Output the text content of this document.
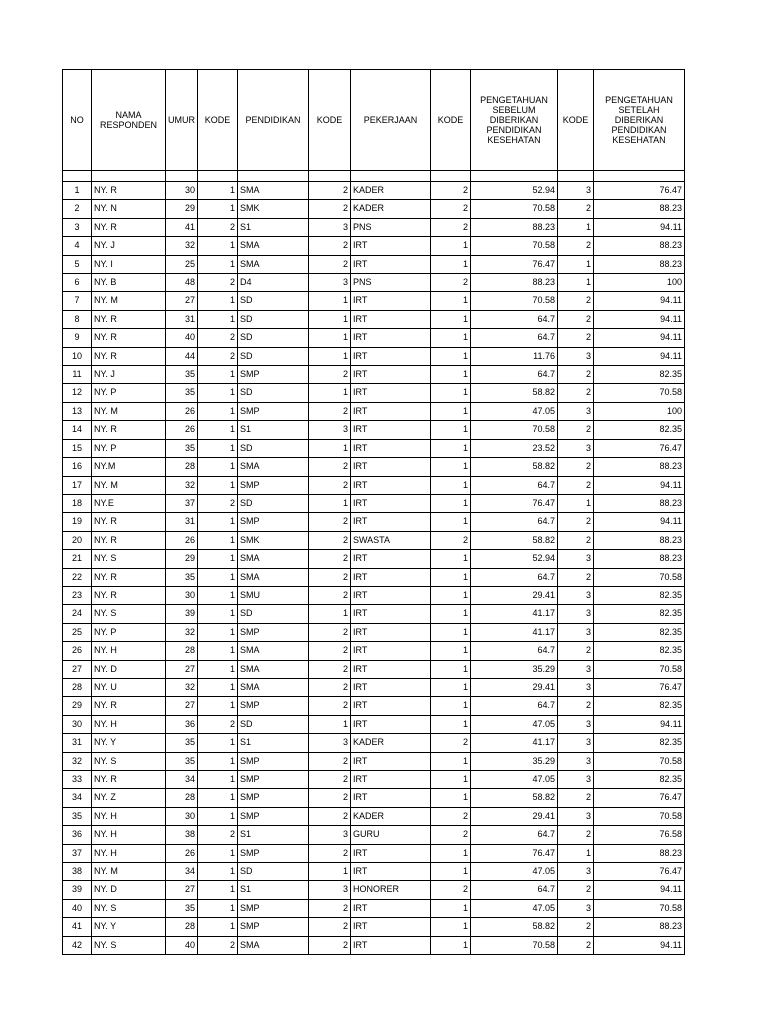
NO	NAMA RESPONDEN	UMUR	KODE	PENDIDIKAN	KODE	PEKERJAAN	KODE	PENGETAHUAN SEBELUM DIBERIKAN PENDIDIKAN KESEHATAN	KODE	PENGETAHUAN SETELAH DIBERIKAN PENDIDIKAN KESEHATAN

1	NY. R	30	1	SMA	2	KADER	2	52.94	3	76.47
2	NY. N	29	1	SMK	2	KADER	2	70.58	2	88.23
3	NY. R	41	2	S1	3	PNS	2	88.23	1	94.11
4	NY. J	32	1	SMA	2	IRT	1	70.58	2	88.23
5	NY. I	25	1	SMA	2	IRT	1	76.47	1	88.23
6	NY. B	48	2	D4	3	PNS	2	88.23	1	100
7	NY. M	27	1	SD	1	IRT	1	70.58	2	94.11
8	NY. R	31	1	SD	1	IRT	1	64.7	2	94.11
9	NY. R	40	2	SD	1	IRT	1	64.7	2	94.11
10	NY. R	44	2	SD	1	IRT	1	11.76	3	94.11
11	NY. J	35	1	SMP	2	IRT	1	64.7	2	82.35
12	NY. P	35	1	SD	1	IRT	1	58.82	2	70.58
13	NY. M	26	1	SMP	2	IRT	1	47.05	3	100
14	NY. R	26	1	S1	3	IRT	1	70.58	2	82.35
15	NY. P	35	1	SD	1	IRT	1	23.52	3	76.47
16	NY.M	28	1	SMA	2	IRT	1	58.82	2	88.23
17	NY. M	32	1	SMP	2	IRT	1	64.7	2	94.11
18	NY.E	37	2	SD	1	IRT	1	76.47	1	88.23
19	NY. R	31	1	SMP	2	IRT	1	64.7	2	94.11
20	NY. R	26	1	SMK	2	SWASTA	2	58.82	2	88.23
21	NY. S	29	1	SMA	2	IRT	1	52.94	3	88.23
22	NY. R	35	1	SMA	2	IRT	1	64.7	2	70.58
23	NY. R	30	1	SMU	2	IRT	1	29.41	3	82.35
24	NY. S	39	1	SD	1	IRT	1	41.17	3	82.35
25	NY. P	32	1	SMP	2	IRT	1	41.17	3	82.35
26	NY. H	28	1	SMA	2	IRT	1	64.7	2	82.35
27	NY. D	27	1	SMA	2	IRT	1	35.29	3	70.58
28	NY. U	32	1	SMA	2	IRT	1	29.41	3	76.47
29	NY. R	27	1	SMP	2	IRT	1	64.7	2	82.35
30	NY. H	36	2	SD	1	IRT	1	47.05	3	94.11
31	NY. Y	35	1	S1	3	KADER	2	41.17	3	82.35
32	NY. S	35	1	SMP	2	IRT	1	35.29	3	70.58
33	NY. R	34	1	SMP	2	IRT	1	47.05	3	82.35
34	NY. Z	28	1	SMP	2	IRT	1	58.82	2	76.47
35	NY. H	30	1	SMP	2	KADER	2	29.41	3	70.58
36	NY. H	38	2	S1	3	GURU	2	64.7	2	76.58
37	NY. H	26	1	SMP	2	IRT	1	76.47	1	88.23
38	NY. M	34	1	SD	1	IRT	1	47.05	3	76.47
39	NY. D	27	1	S1	3	HONORER	2	64.7	2	94.11
40	NY. S	35	1	SMP	2	IRT	1	47.05	3	70.58
41	NY. Y	28	1	SMP	2	IRT	1	58.82	2	88.23
42	NY. S	40	2	SMA	2	IRT	1	70.58	2	94.11
